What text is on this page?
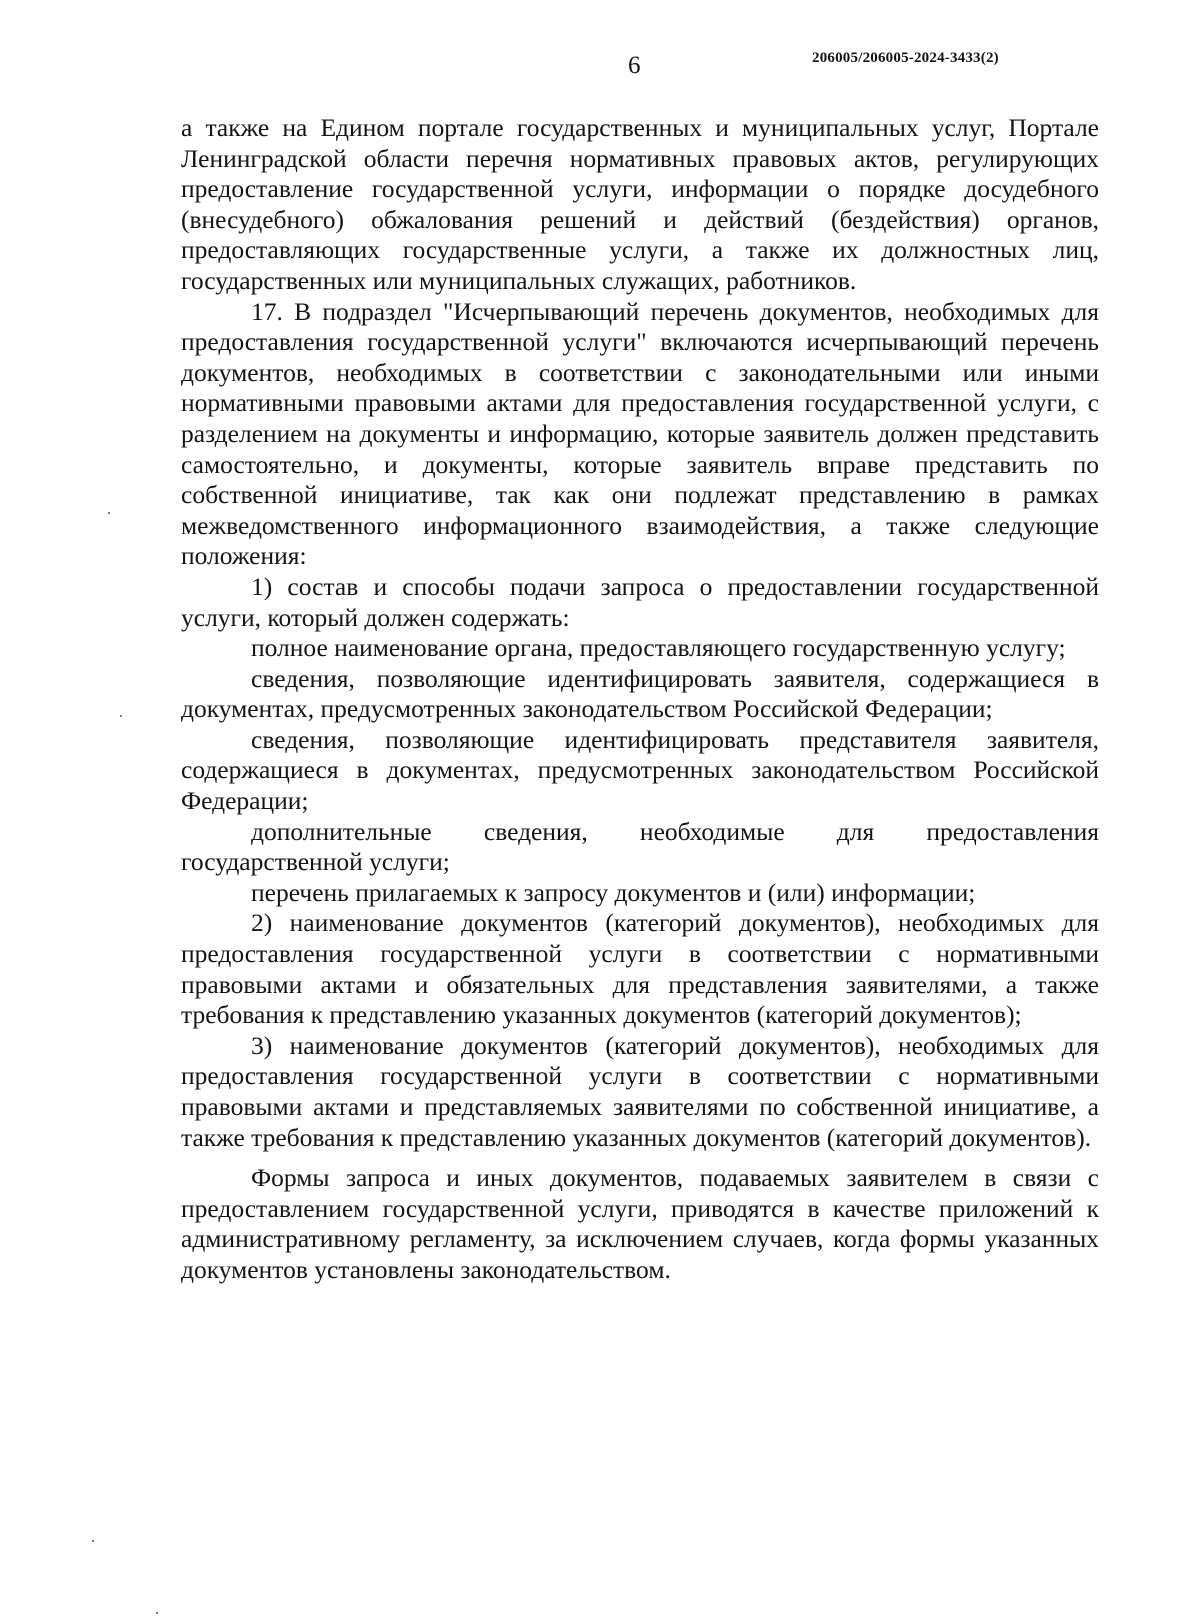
6	206005/206005-2024-3433(2)

а также на Едином портале государственных и муниципальных услуг, Портале Ленинградской области перечня нормативных правовых актов, регулирующих предоставление государственной услуги, информации о порядке досудебного (внесудебного) обжалования решений и действий (бездействия) органов, предоставляющих государственные услуги, а также их должностных лиц, государственных или муниципальных служащих, работников.

17. В подраздел "Исчерпывающий перечень документов, необходимых для предоставления государственной услуги" включаются исчерпывающий перечень документов, необходимых в соответствии с законодательными или иными нормативными правовыми актами для предоставления государственной услуги, с разделением на документы и информацию, которые заявитель должен представить самостоятельно, и документы, которые заявитель вправе представить по собственной инициативе, так как они подлежат представлению в рамках межведомственного информационного взаимодействия, а также следующие положения:

1) состав и способы подачи запроса о предоставлении государственной услуги, который должен содержать:

полное наименование органа, предоставляющего государственную услугу;

сведения, позволяющие идентифицировать заявителя, содержащиеся в документах, предусмотренных законодательством Российской Федерации;

сведения, позволяющие идентифицировать представителя заявителя, содержащиеся в документах, предусмотренных законодательством Российской Федерации;

дополнительные сведения, необходимые для предоставления государственной услуги;

перечень прилагаемых к запросу документов и (или) информации;

2) наименование документов (категорий документов), необходимых для предоставления государственной услуги в соответствии с нормативными правовыми актами и обязательных для представления заявителями, а также требования к представлению указанных документов (категорий документов);

3) наименование документов (категорий документов), необходимых для предоставления государственной услуги в соответствии с нормативными правовыми актами и представляемых заявителями по собственной инициативе, а также требования к представлению указанных документов (категорий документов).

Формы запроса и иных документов, подаваемых заявителем в связи с предоставлением государственной услуги, приводятся в качестве приложений к административному регламенту, за исключением случаев, когда формы указанных документов установлены законодательством.
